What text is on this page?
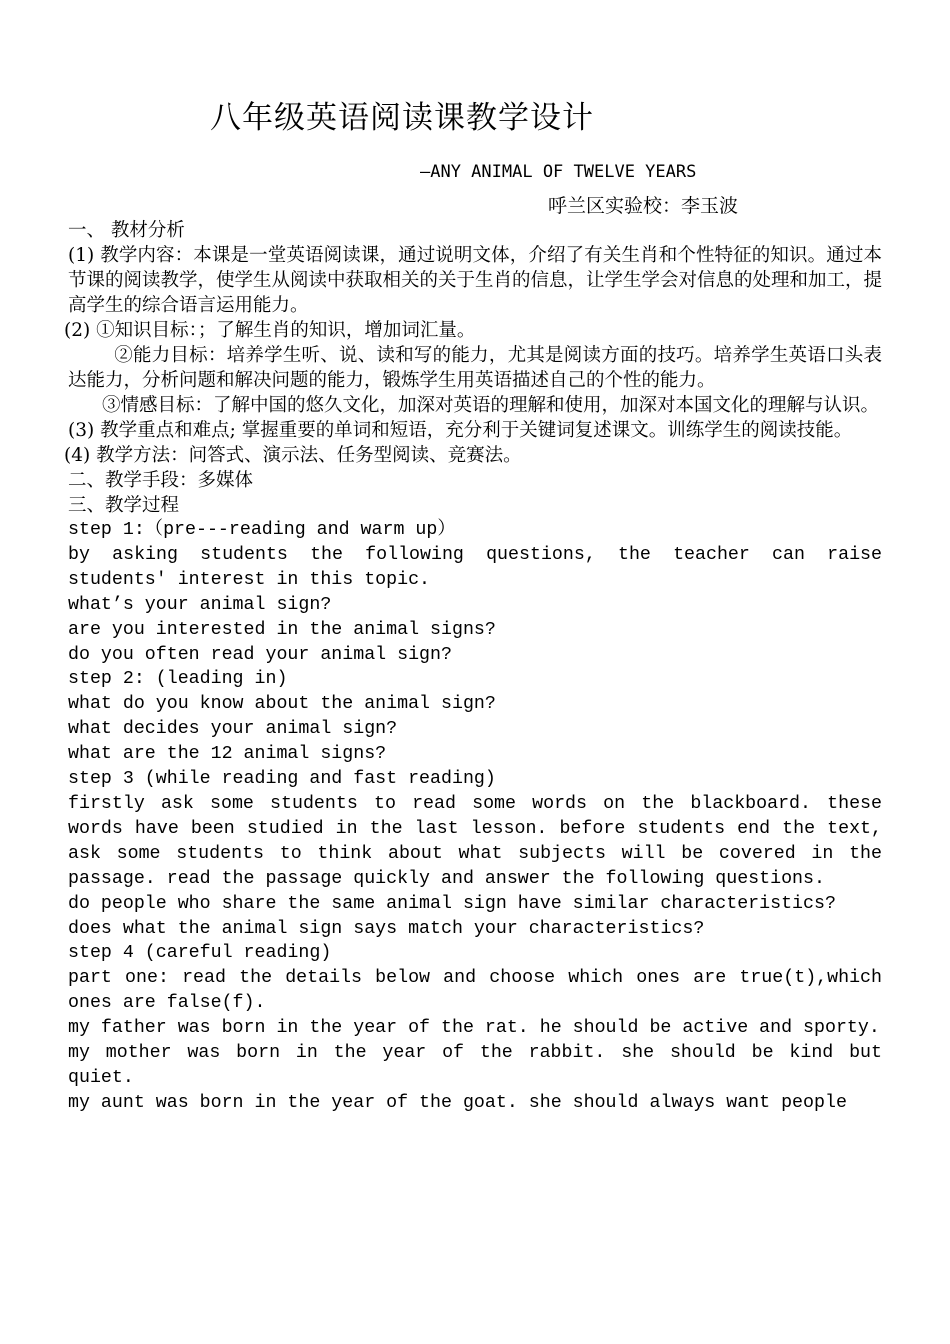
八年级英语阅读课教学设计
—ANY ANIMAL OF TWELVE YEARS
呼兰区实验校：李玉波

一、 教材分析

(1) 教学内容：本课是一堂英语阅读课，通过说明文体，介绍了有关生肖和个性特征的知识。通过本节课的阅读教学，使学生从阅读中获取相关的关于生肖的信息，让学生学会对信息的处理和加工，提高学生的综合语言运用能力。

(2) ①知识目标：；了解生肖的知识，增加词汇量。

②能力目标：培养学生听、说、读和写的能力，尤其是阅读方面的技巧。培养学生英语口头表达能力，分析问题和解决问题的能力，锻炼学生用英语描述自己的个性的能力。

③情感目标：了解中国的悠久文化，加深对英语的理解和使用，加深对本国文化的理解与认识。

(3) 教学重点和难点; 掌握重要的单词和短语，充分利于关键词复述课文。训练学生的阅读技能。

(4) 教学方法：问答式、演示法、任务型阅读、竞赛法。

二、教学手段：多媒体

三、教学过程

step 1:（pre---reading and warm up）

by asking students the following questions, the teacher can raise students′ interest in this topic.

what’s your animal sign?

are you interested in the animal signs?

do you often read your animal sign?

step 2: (leading in)

what do you know about the animal sign?

what decides your animal sign?

what are the 12 animal signs?

step 3 (while reading and fast reading)

firstly ask some students to read some words on the blackboard. these words have been studied in the last lesson. before students end the text, ask some students to think about what subjects will be covered in the passage. read the passage quickly and answer the following questions.

do people who share the same animal sign have similar characteristics?

does what the animal sign says match your characteristics?

step 4 (careful reading)

part one: read the details below and choose which ones are true(t),which ones are false(f).

my father was born in the year of the rat. he should be active and sporty.

my mother was born in the year of the rabbit. she should be kind but quiet.

my aunt was born in the year of the goat. she should always want people
